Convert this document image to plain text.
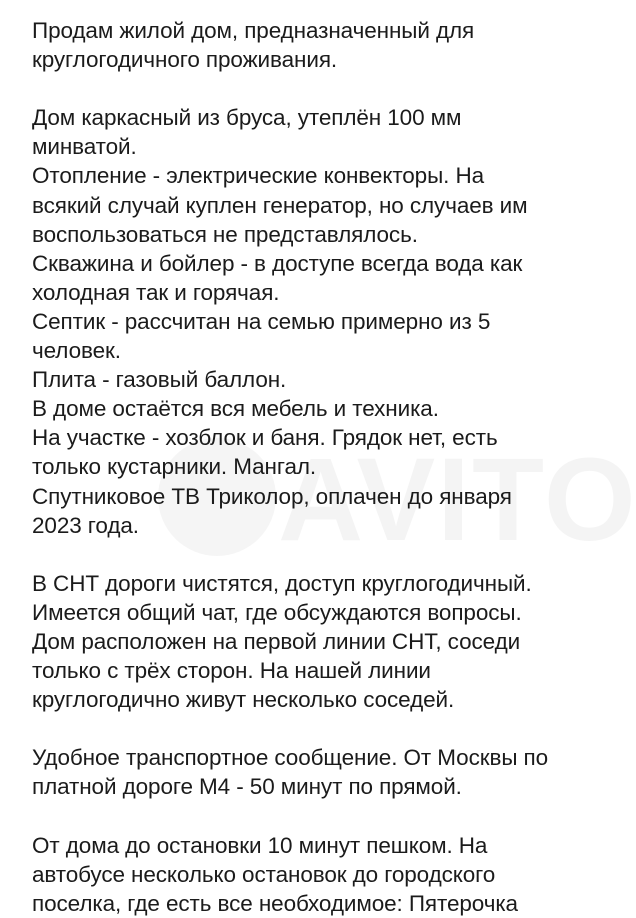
Продам жилой дом, предназначенный для
круглогодичного проживания.
Дом каркасный из бруса, утеплён 100 мм
минватой.
Отопление - электрические конвекторы. На
всякий случай куплен генератор, но случаев им
воспользоваться не представлялось.
Скважина и бойлер - в доступе всегда вода как
холодная так и горячая.
Септик - рассчитан на семью примерно из 5
человек.
Плита - газовый баллон.
В доме остаётся вся мебель и техника.
На участке - хозблок и баня. Грядок нет, есть
только кустарники. Мангал.
Спутниковое ТВ Триколор, оплачен до января
2023 года.
В СНТ дороги чистятся, доступ круглогодичный.
Имеется общий чат, где обсуждаются вопросы.
Дом расположен на первой линии СНТ, соседи
только с трёх сторон. На нашей линии
круглогодично живут несколько соседей.
Удобное транспортное сообщение. От Москвы по
платной дороге М4 - 50 минут по прямой.
От дома до остановки 10 минут пешком. На
автобусе несколько остановок до городского
поселка, где есть все необходимое: Пятерочка
